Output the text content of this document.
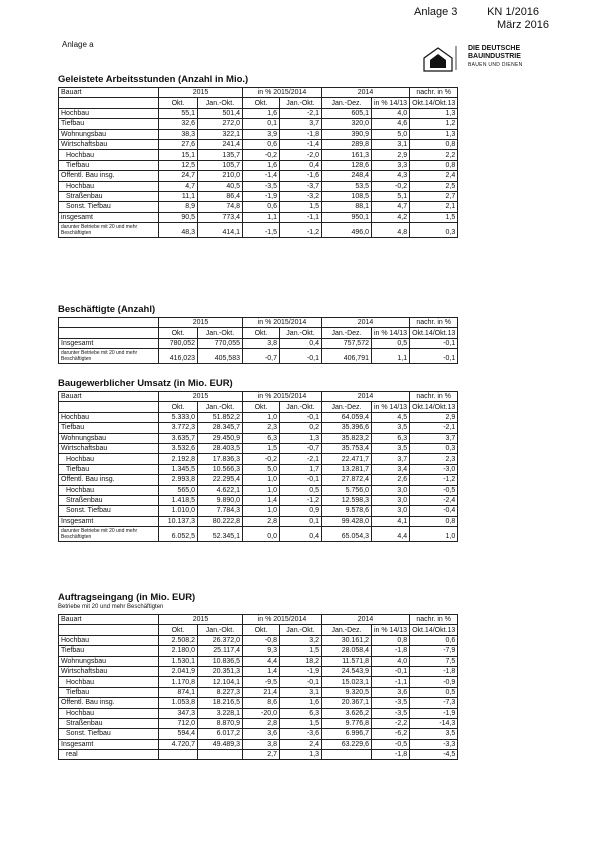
Anlage 3	KN 1/2016
März 2016
Anlage a	DIE DEUTSCHE
BAUINDUSTRIE
BAUEN UND DIENEN
Geleistete Arbeitsstunden (Anzahl in Mio.)
Bauart	2015		in % 2015/2014		2014		nachr. in %
	Okt.	Jan.-Okt.	Okt.	Jan.-Okt.	Jan.-Dez.	in % 14/13	Okt.14/Okt.13
Hochbau	55,1	501,4	1,6	-2,1	605,1	4,0	1,3
Tiefbau	32,6	272,0	0,1	3,7	320,0	4,6	1,2
Wohnungsbau	38,3	322,1	3,9	-1,8	390,9	5,0	1,3
Wirtschaftsbau	27,6	241,4	0,6	-1,4	289,8	3,1	0,8
Hochbau	15,1	135,7	-0,2	-2,0	161,3	2,9	2,2
Tiefbau	12,5	105,7	1,6	0,4	128,6	3,3	0,8
Öffentl. Bau insg.	24,7	210,0	-1,4	-1,6	248,4	4,3	2,4
Hochbau	4,7	40,5	-3,5	-3,7	53,5	-0,2	2,5
Straßenbau	11,1	86,4	-1,9	-3,2	108,5	5,1	2,7
Sonst. Tiefbau	8,9	74,8	0,6	1,5	88,1	4,7	2,1
insgesamt	90,5	773,4	1,1	-1,1	950,1	4,2	1,5
darunter Betriebe mit 20 und mehr Beschäftigten	48,3	414,1	-1,5	-1,2	496,0	4,8	0,3
Beschäftigte (Anzahl)
	2015		in % 2015/2014		2014		nachr. in %
	Okt.	Jan.-Okt.	Okt.	Jan.-Okt.	Jan.-Dez.	in % 14/13	Okt.14/Okt.13
Insgesamt	780,052	770,055	3,8	0,4	757,572	0,5	-0,1
darunter Betriebe mit 20 und mehr Beschäftigten	416,023	405,583	-0,7	-0,1	406,791	1,1	-0,1
Baugewerblicher Umsatz (in Mio. EUR)
Bauart	2015		in % 2015/2014		2014		nachr. in %
	Okt.	Jan.-Okt.	Okt.	Jan.-Okt.	Jan.-Dez.	in % 14/13	Okt.14/Okt.13
Hochbau	5.333,0	51.852,2	1,0	-0,1	64.059,4	4,5	2,9
Tiefbau	3.772,3	28.345,7	2,3	0,2	35.396,6	3,5	-2,1
Wohnungsbau	3.635,7	29.450,9	6,3	1,3	35.823,2	6,3	3,7
Wirtschaftsbau	3.532,6	28.403,5	1,5	-0,7	35.753,4	3,5	0,3
Hochbau	2.192,8	17.836,3	-0,2	-2,1	22.471,7	3,7	2,3
Tiefbau	1.345,5	10.566,3	5,0	1,7	13.281,7	3,4	-3,0
Öffentl. Bau insg.	2.993,8	22.295,4	1,0	-0,1	27.872,4	2,6	-1,2
Hochbau	565,0	4.622,1	1,0	0,5	5.756,0	3,0	-0,5
Straßenbau	1.418,5	9.890,0	1,4	-1,2	12.598,3	3,0	-2,4
Sonst. Tiefbau	1.010,0	7.784,3	1,0	0,9	9.578,6	3,0	-0,4
Insgesamt	10.137,3	80.222,8	2,8	0,1	99.428,0	4,1	0,8
darunter Betriebe mit 20 und mehr Beschäftigten	6.052,5	52.345,1	0,0	0,4	65.054,3	4,4	1,0
Auftragseingang (in Mio. EUR)
Betriebe mit 20 und mehr Beschäftigten
Bauart	2015		in % 2015/2014		2014		nachr. in %
	Okt.	Jan.-Okt.	Okt.	Jan.-Okt.	Jan.-Dez.	in % 14/13	Okt.14/Okt.13
Hochbau	2.508,2	26.372,0	-0,8	3,2	30.161,2	0,8	0,6
Tiefbau	2.180,0	25.117,4	9,3	1,5	28.058,4	-1,8	-7,9
Wohnungsbau	1.530,1	10.836,5	4,4	18,2	11.571,8	4,0	7,5
Wirtschaftsbau	2.041,9	20.351,3	1,4	-1,9	24.543,9	-0,1	-1,8
Hochbau	1.170,8	12.104,1	-9,5	-0,1	15.023,1	-1,1	-0,9
Tiefbau	874,1	8.227,3	21,4	3,1	9.320,5	3,6	0,5
Öffentl. Bau insg.	1.053,8	18.216,5	8,6	1,6	20.367,1	-3,5	-7,3
Hochbau	347,3	3.228,1	-20,0	6,3	3.626,2	-3,5	-1,9
Straßenbau	712,0	8.870,9	2,8	1,5	9.776,8	-2,2	-14,3
Sonst. Tiefbau	594,4	6.017,2	3,6	-3,6	6.996,7	-6,2	3,5
Insgesamt	4.720,7	49.489,3	3,8	2,4	63.229,6	-0,5	-3,3
real			2,7	1,3		-1,8	-4,5
